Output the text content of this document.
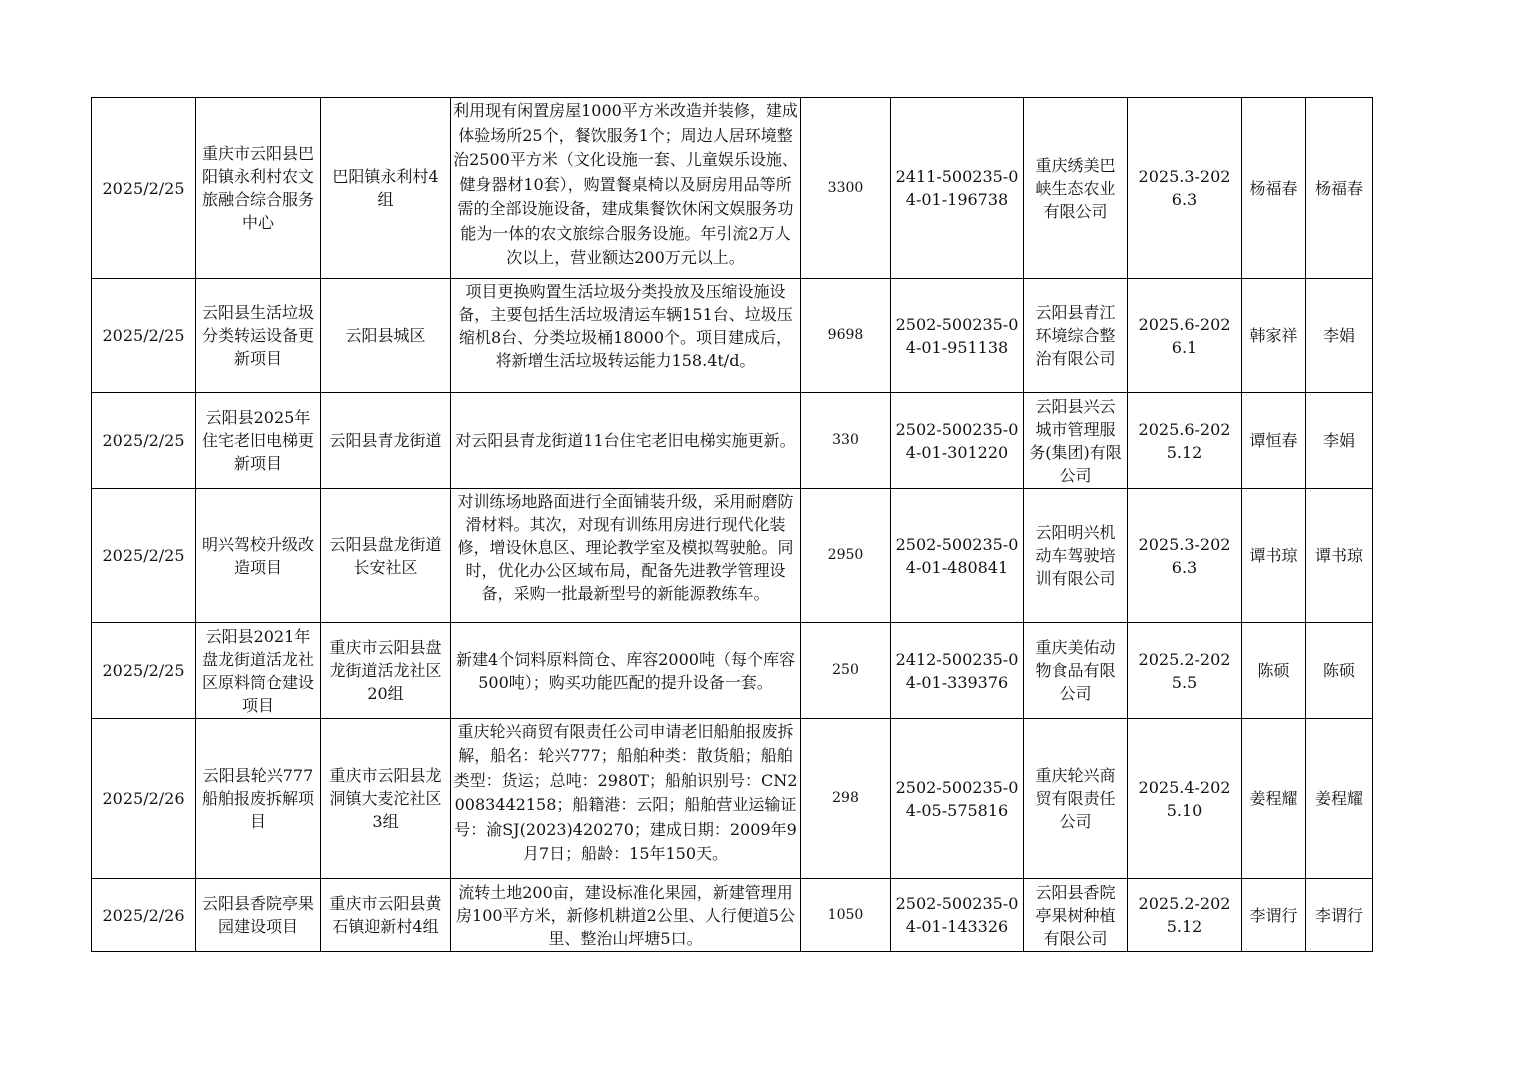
2025/2/25	重庆市云阳县巴阳镇永利村农文旅融合综合服务中心	巴阳镇永利村4组	利用现有闲置房屋1000平方米改造并装修，建成体验场所25个，餐饮服务1个；周边人居环境整治2500平方米（文化设施一套、儿童娱乐设施、健身器材10套），购置餐桌椅以及厨房用品等所需的全部设施设备，建成集餐饮休闲文娱服务功能为一体的农文旅综合服务设施。年引流2万人次以上，营业额达200万元以上。	3300	2411-500235-04-01-196738	重庆绣美巴峡生态农业有限公司	2025.3-2026.3	杨福春	杨福春
2025/2/25	云阳县生活垃圾分类转运设备更新项目	云阳县城区	项目更换购置生活垃圾分类投放及压缩设施设备，主要包括生活垃圾清运车辆151台、垃圾压缩机8台、分类垃圾桶18000个。项目建成后，将新增生活垃圾转运能力158.4t/d。	9698	2502-500235-04-01-951138	云阳县青江环境综合整治有限公司	2025.6-2026.1	韩家祥	李娟
2025/2/25	云阳县2025年住宅老旧电梯更新项目	云阳县青龙街道	对云阳县青龙街道11台住宅老旧电梯实施更新。	330	2502-500235-04-01-301220	云阳县兴云城市管理服务(集团)有限公司	2025.6-2025.12	谭恒春	李娟
2025/2/25	明兴驾校升级改造项目	云阳县盘龙街道长安社区	对训练场地路面进行全面铺装升级，采用耐磨防滑材料。其次，对现有训练用房进行现代化装修，增设休息区、理论教学室及模拟驾驶舱。同时，优化办公区域布局，配备先进教学管理设备，采购一批最新型号的新能源教练车。	2950	2502-500235-04-01-480841	云阳明兴机动车驾驶培训有限公司	2025.3-2026.3	谭书琼	谭书琼
2025/2/25	云阳县2021年盘龙街道活龙社区原料筒仓建设项目	重庆市云阳县盘龙街道活龙社区20组	新建4个饲料原料筒仓、库容2000吨（每个库容500吨）；购买功能匹配的提升设备一套。	250	2412-500235-04-01-339376	重庆美佑动物食品有限公司	2025.2-2025.5	陈硕	陈硕
2025/2/26	云阳县轮兴777船舶报废拆解项目	重庆市云阳县龙洞镇大麦沱社区3组	重庆轮兴商贸有限责任公司申请老旧船舶报废拆解，船名：轮兴777；船舶种类：散货船；船舶类型：货运；总吨：2980T；船舶识别号：CN20083442158；船籍港：云阳；船舶营业运输证号：渝SJ(2023)420270；建成日期：2009年9月7日；船龄：15年150天。	298	2502-500235-04-05-575816	重庆轮兴商贸有限责任公司	2025.4-2025.10	姜程耀	姜程耀
2025/2/26	云阳县香院亭果园建设项目	重庆市云阳县黄石镇迎新村4组	流转土地200亩，建设标准化果园，新建管理用房100平方米，新修机耕道2公里、人行便道5公里、整治山坪塘5口。	1050	2502-500235-04-01-143326	云阳县香院亭果树种植有限公司	2025.2-2025.12	李谓行	李谓行
